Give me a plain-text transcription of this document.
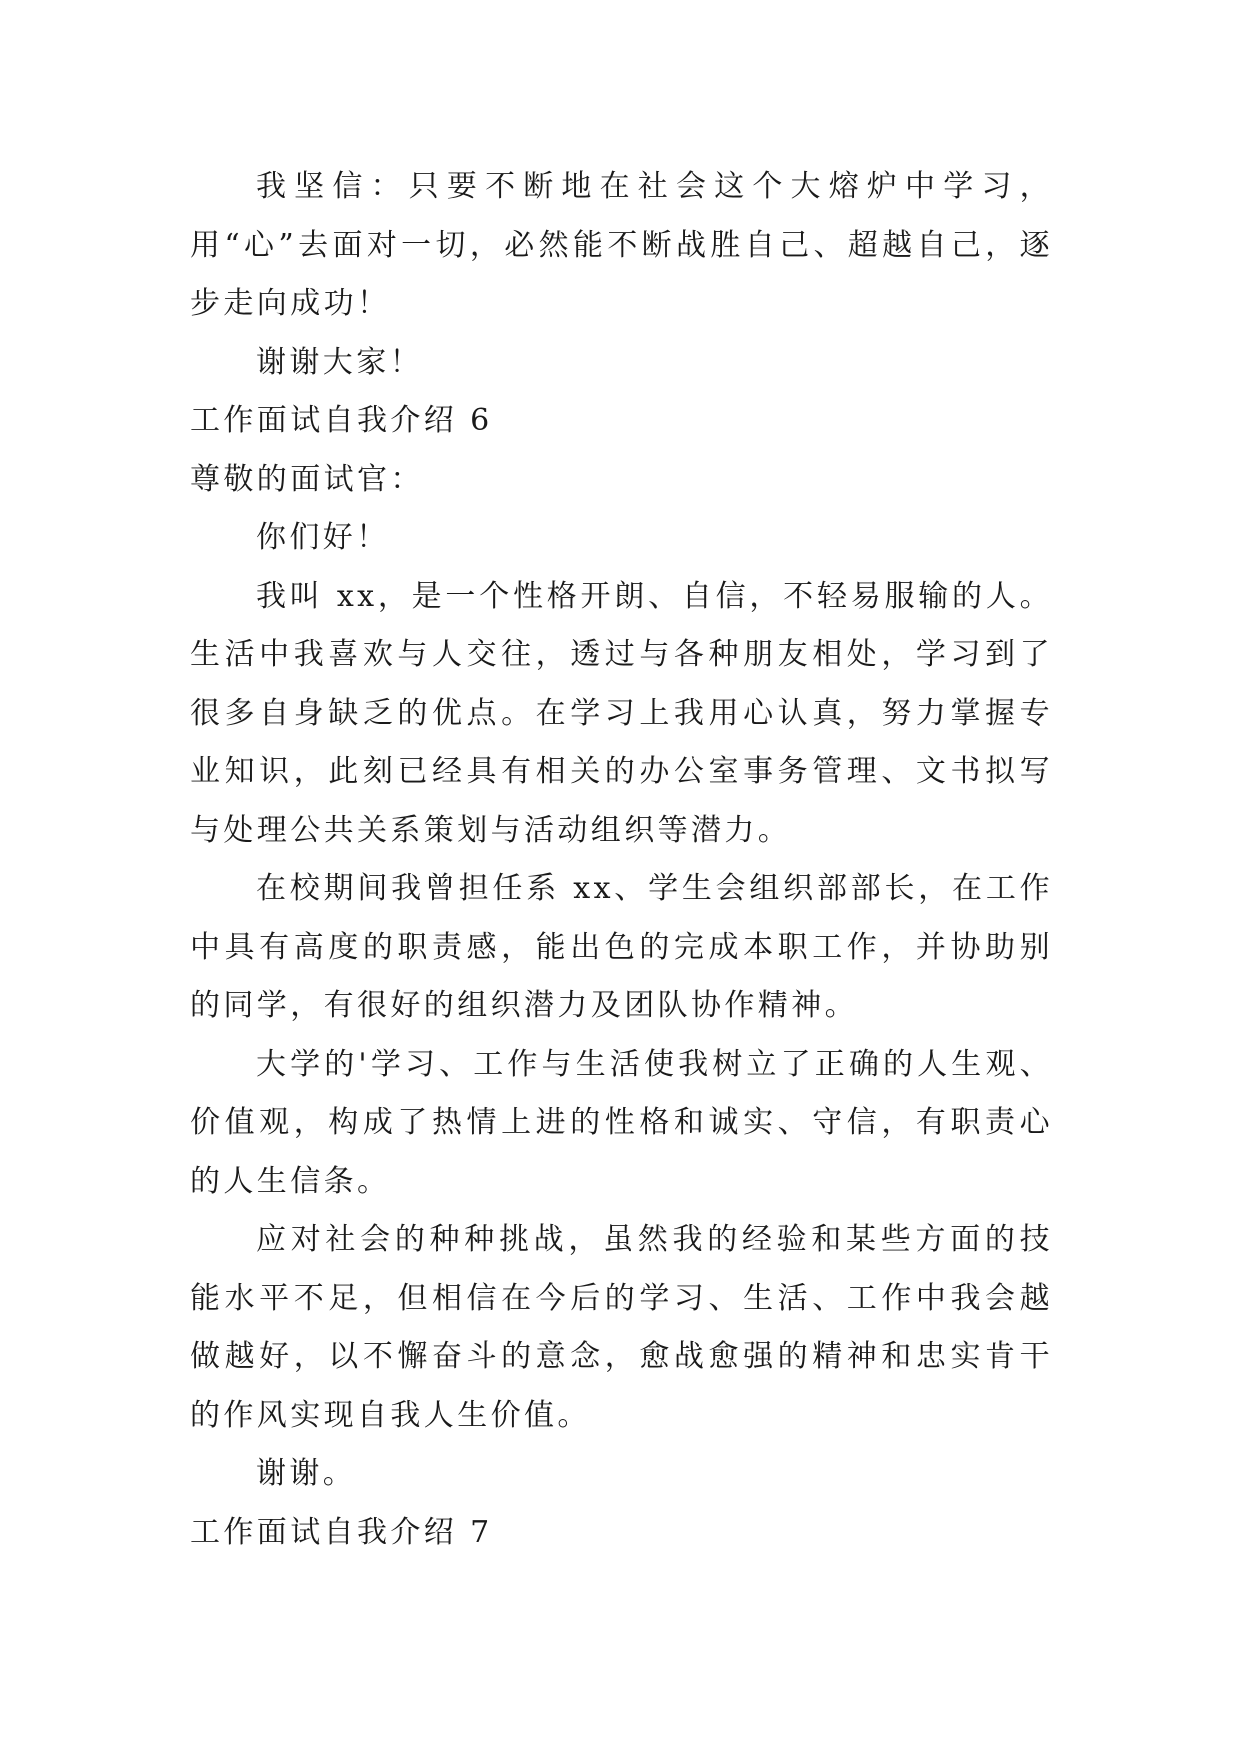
我坚信：只要不断地在社会这个大熔炉中学习，用“心”去面对一切，必然能不断战胜自己、超越自己，逐步走向成功！

谢谢大家！

工作面试自我介绍 6

尊敬的面试官：

你们好！

我叫 xx，是一个性格开朗、自信，不轻易服输的人。生活中我喜欢与人交往，透过与各种朋友相处，学习到了很多自身缺乏的优点。在学习上我用心认真，努力掌握专业知识，此刻已经具有相关的办公室事务管理、文书拟写与处理公共关系策划与活动组织等潜力。

在校期间我曾担任系 xx、学生会组织部部长，在工作中具有高度的职责感，能出色的完成本职工作，并协助别的同学，有很好的组织潜力及团队协作精神。

大学的'学习、工作与生活使我树立了正确的人生观、价值观，构成了热情上进的性格和诚实、守信，有职责心的人生信条。

应对社会的种种挑战，虽然我的经验和某些方面的技能水平不足，但相信在今后的学习、生活、工作中我会越做越好，以不懈奋斗的意念，愈战愈强的精神和忠实肯干的作风实现自我人生价值。

谢谢。

工作面试自我介绍 7
